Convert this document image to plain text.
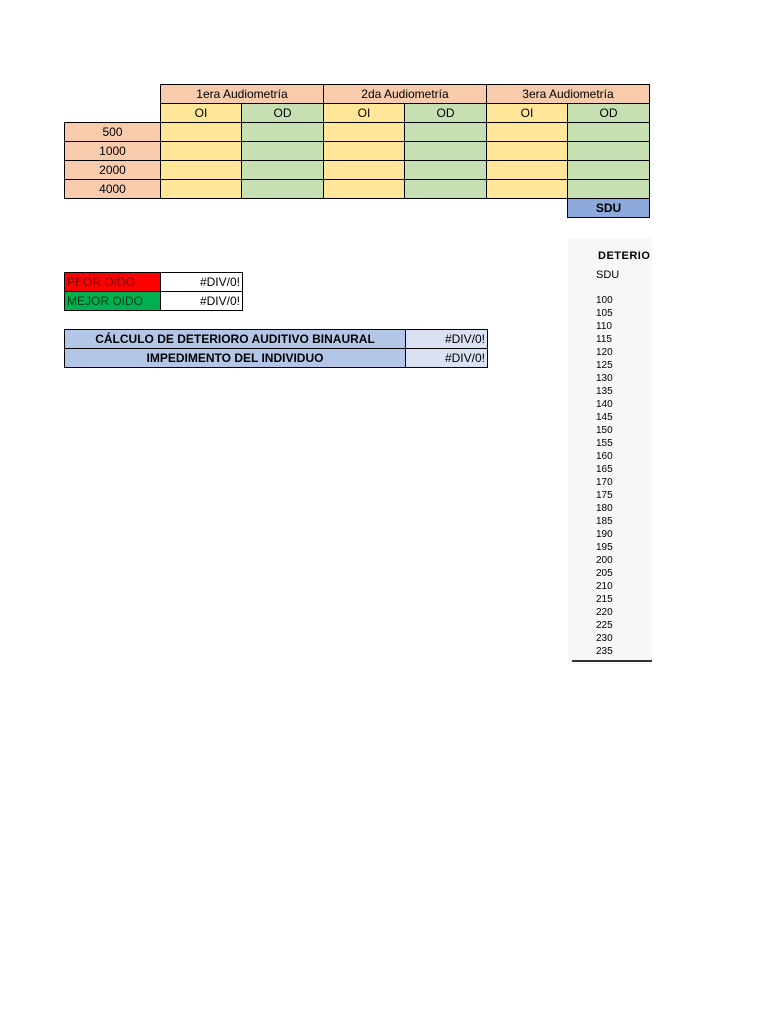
	1era Audiometría		2da Audiometría		3era Audiometría	
	OI	OD	OI	OD	OI	OD
500						
1000						
2000						
4000						
						SDU
PEOR OIDO	#DIV/0!
MEJOR OIDO	#DIV/0!
CÁLCULO DE DETERIORO AUDITIVO BINAURAL	#DIV/0!
IMPEDIMENTO DEL INDIVIDUO	#DIV/0!
DETERIO
SDU
100
105
110
115
120
125
130
135
140
145
150
155
160
165
170
175
180
185
190
195
200
205
210
215
220
225
230
235
